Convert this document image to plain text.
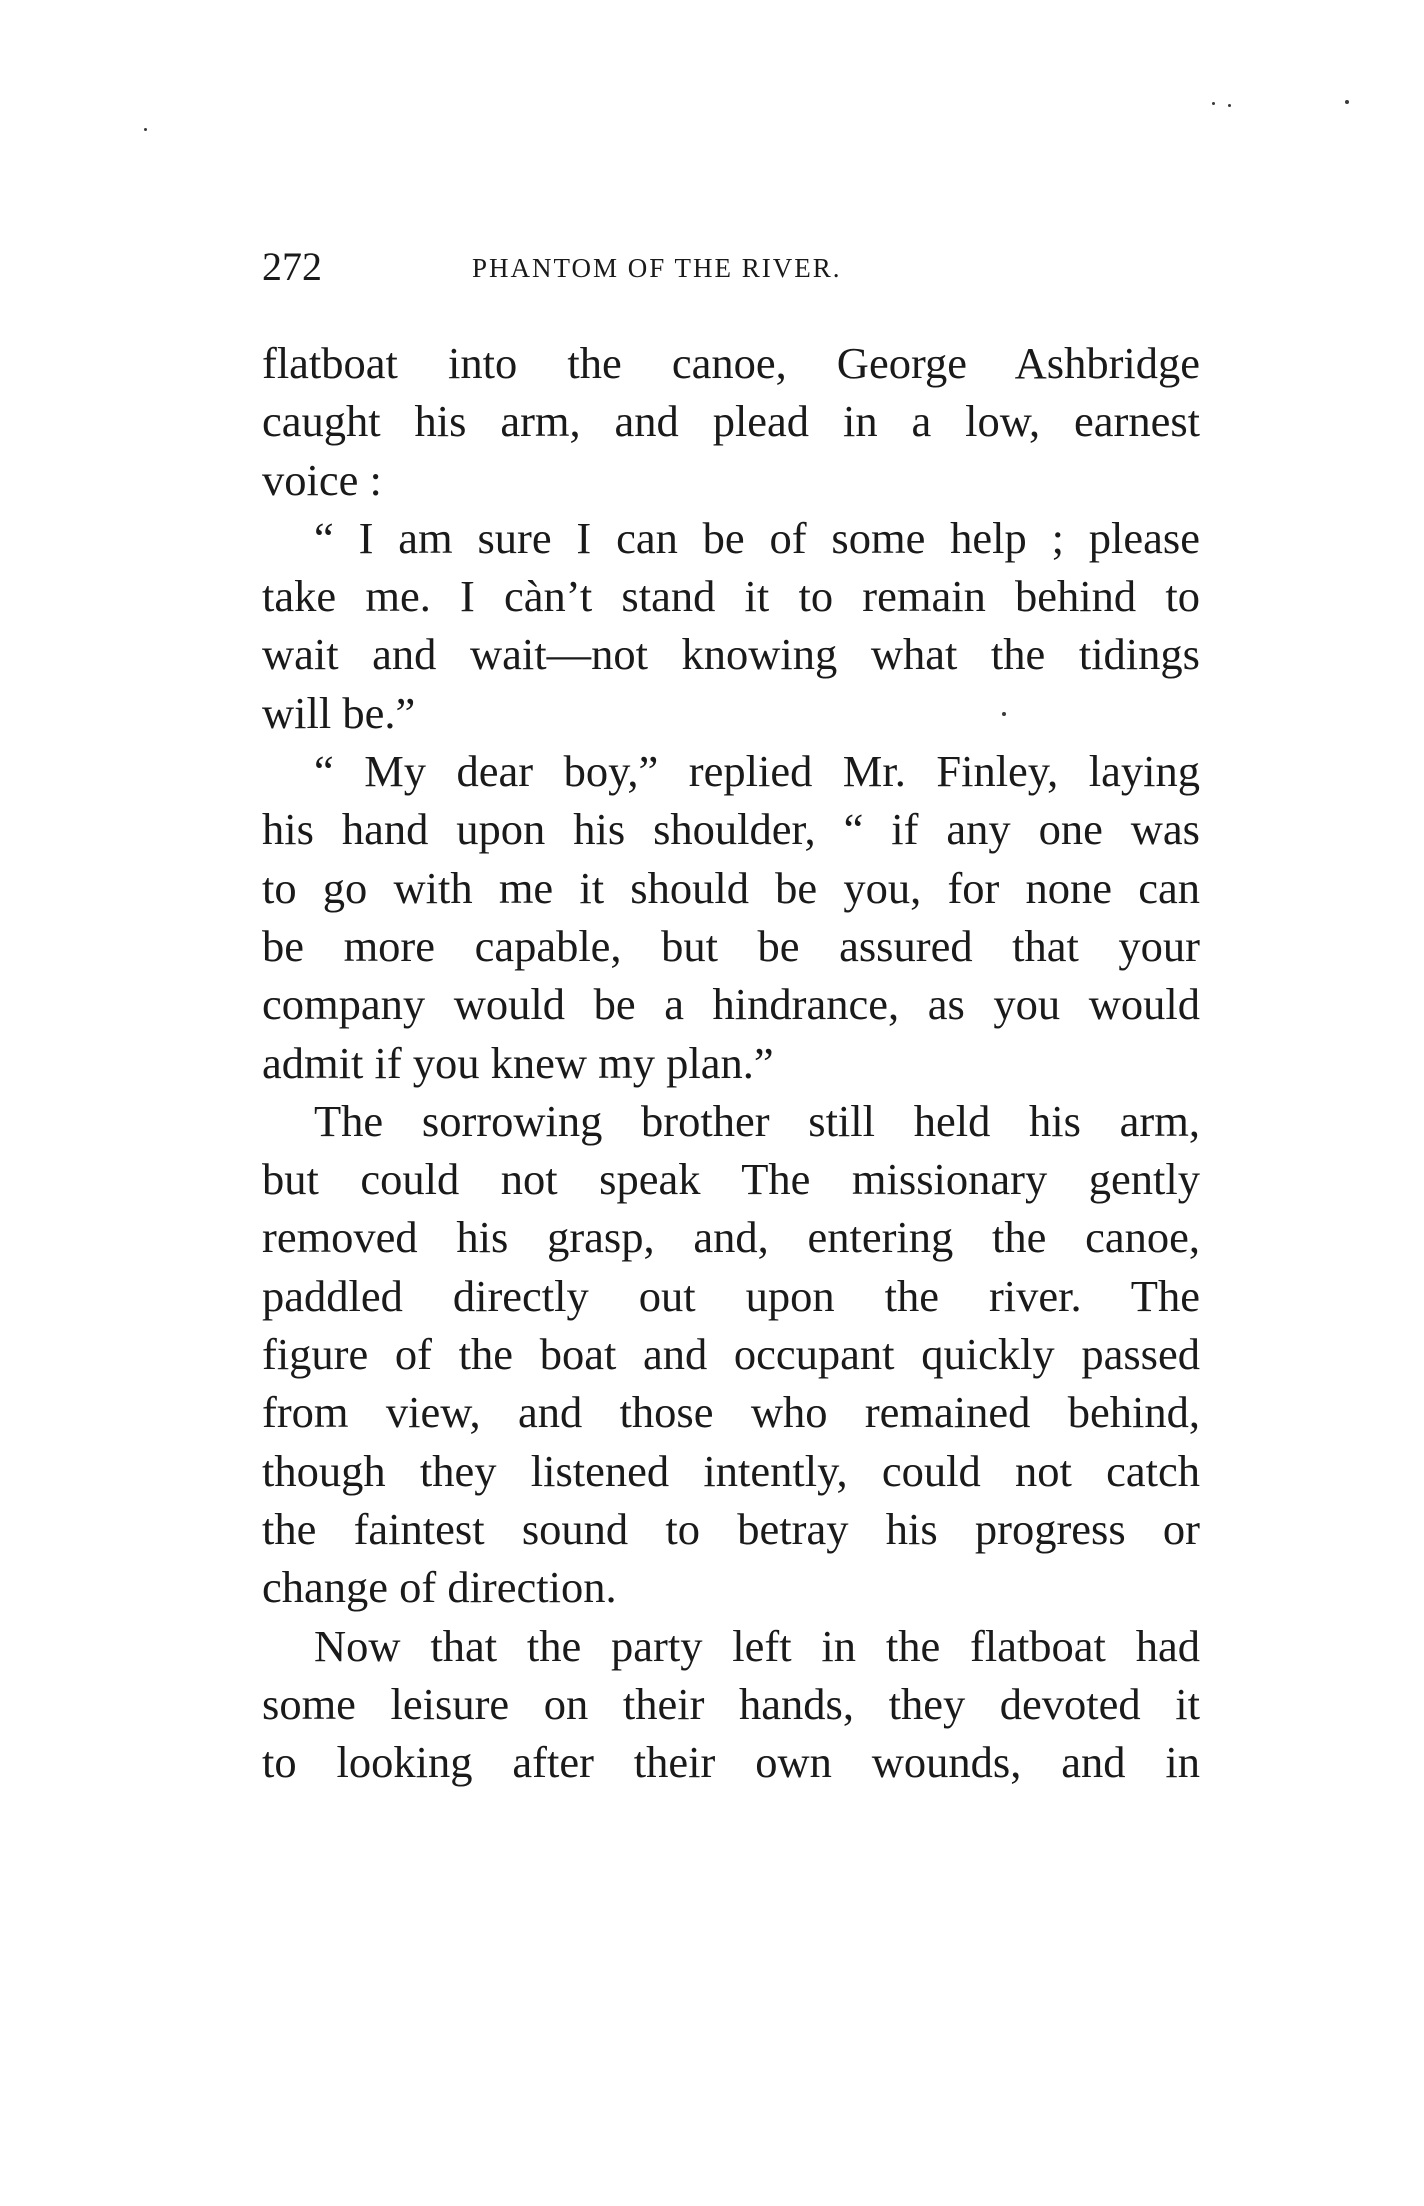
272	PHANTOM OF THE RIVER.
flatboat into the canoe, George Ashbridge
caught his arm, and plead in a low, earnest
voice :
“ I am sure I can be of some help ; please
take me. I càn’t stand it to remain behind to
wait and wait—not knowing what the tidings
will be.”
“ My dear boy,” replied Mr. Finley, laying
his hand upon his shoulder, “ if any one was
to go with me it should be you, for none can
be more capable, but be assured that your
company would be a hindrance, as you would
admit if you knew my plan.”
The sorrowing brother still held his arm,
but could not speak The missionary gently
removed his grasp, and, entering the canoe,
paddled directly out upon the river. The
figure of the boat and occupant quickly passed
from view, and those who remained behind,
though they listened intently, could not catch
the faintest sound to betray his progress or
change of direction.
Now that the party left in the flatboat had
some leisure on their hands, they devoted it
to looking after their own wounds, and in
